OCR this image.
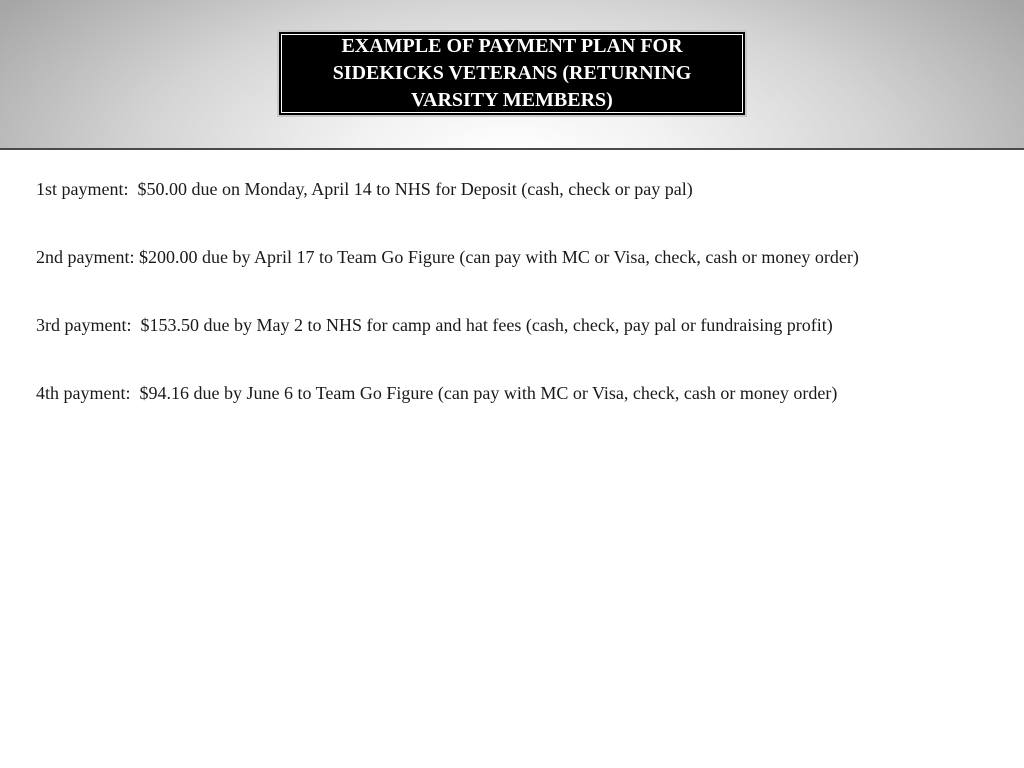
EXAMPLE OF PAYMENT PLAN FOR SIDEKICKS VETERANS (RETURNING VARSITY MEMBERS)

1st payment:  $50.00 due on Monday, April 14 to NHS for Deposit (cash, check or pay pal)

2nd payment: $200.00 due by April 17 to Team Go Figure (can pay with MC or Visa, check, cash or money order)

3rd payment:  $153.50 due by May 2 to NHS for camp and hat fees (cash, check, pay pal or fundraising profit)

4th payment:  $94.16 due by June 6 to Team Go Figure (can pay with MC or Visa, check, cash or money order)
